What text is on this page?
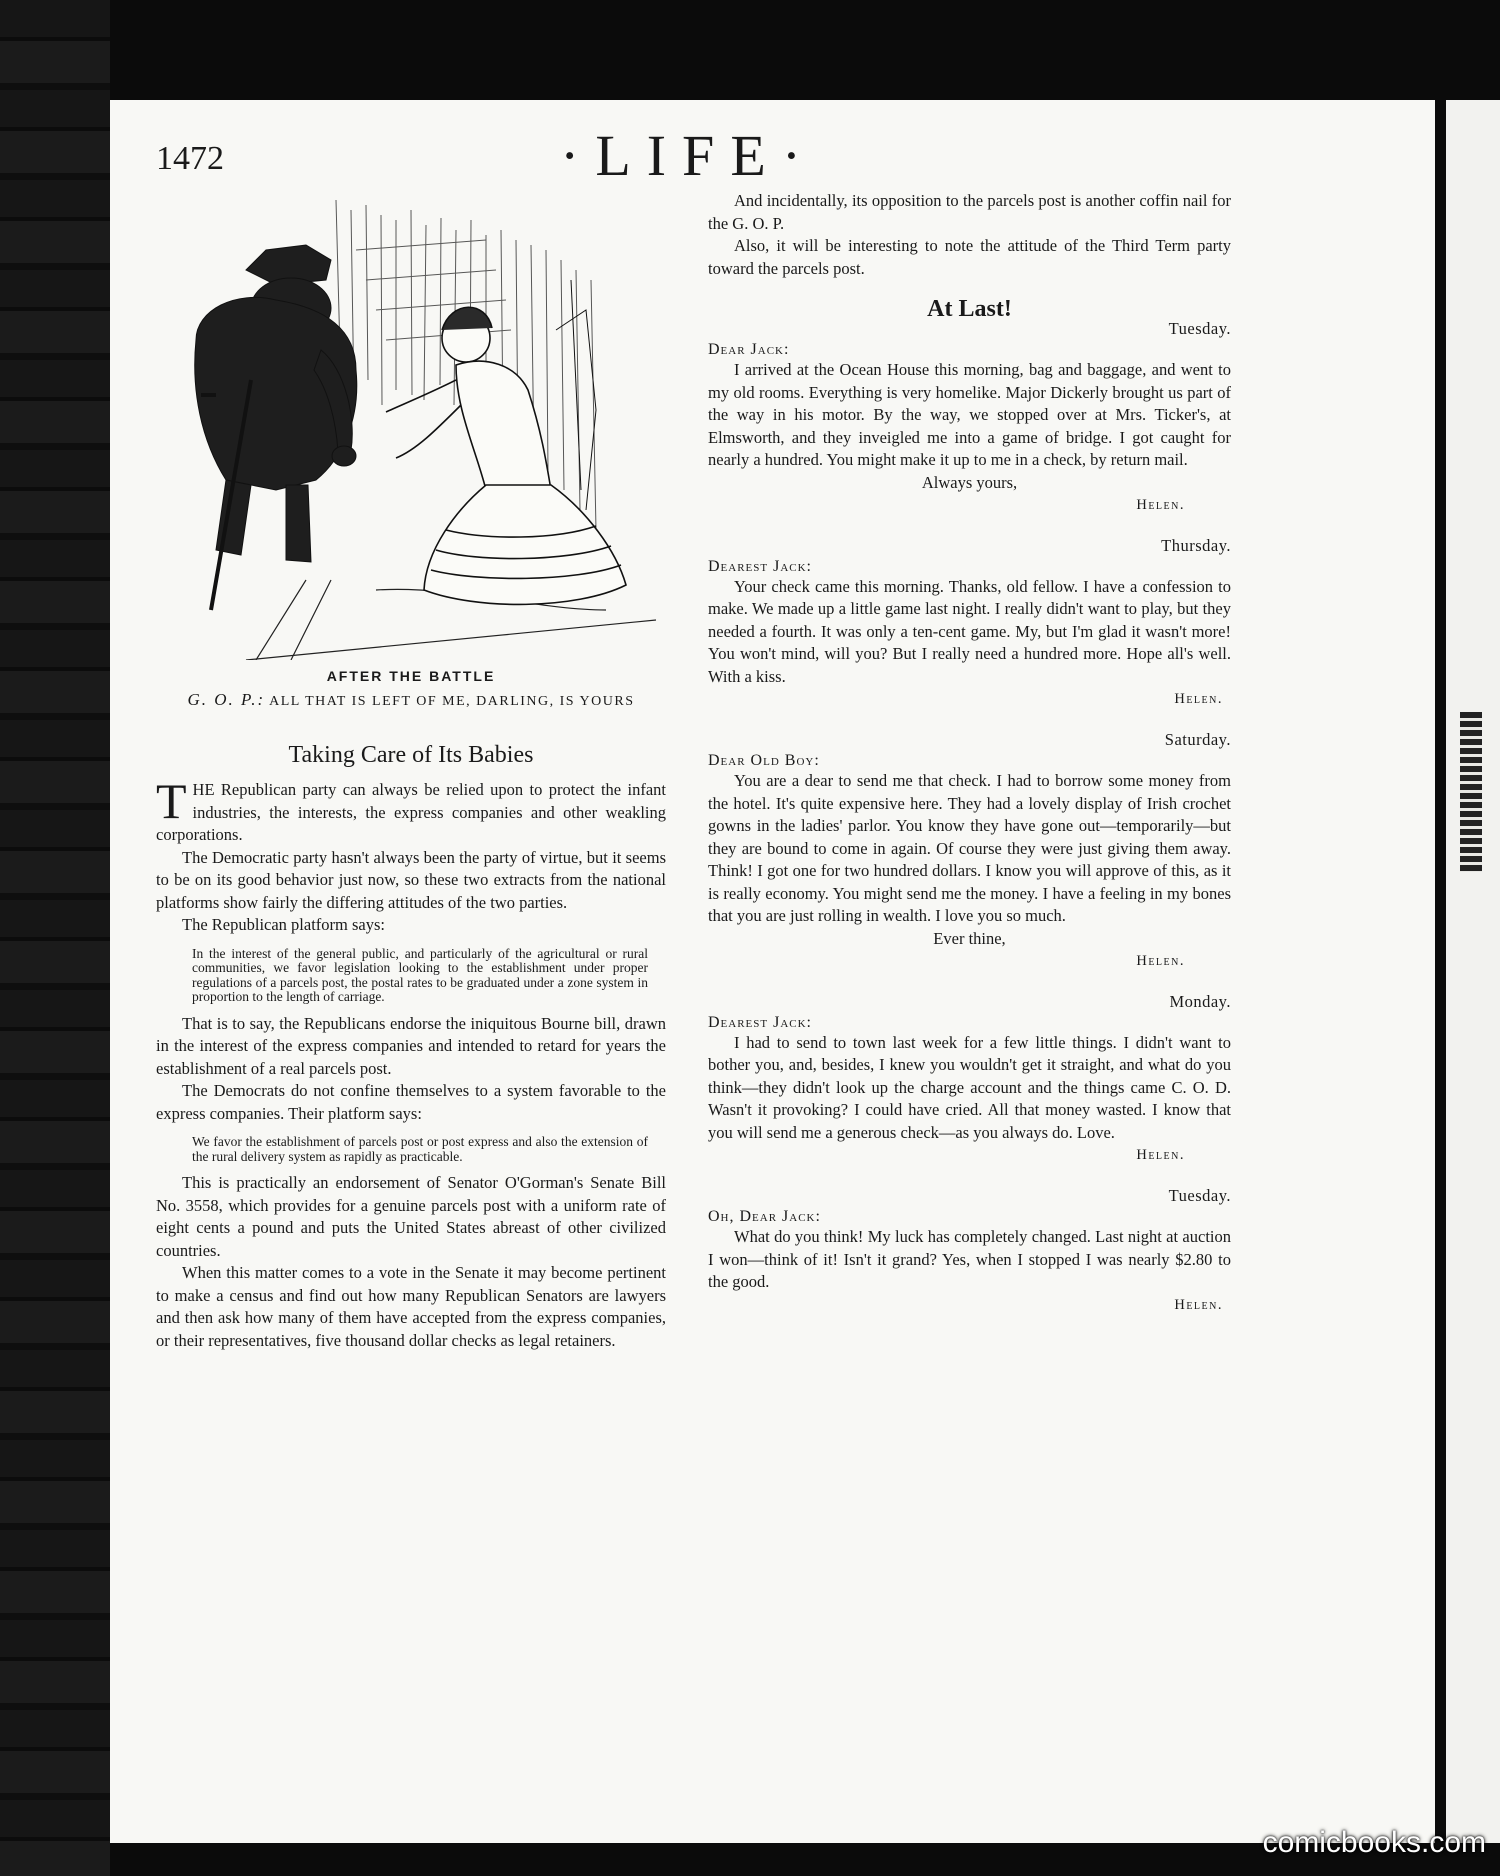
1472	·LIFE·
AFTER THE BATTLE
G. O. P.: ALL THAT IS LEFT OF ME, DARLING, IS YOURS
Taking Care of Its Babies

THE Republican party can always be relied upon to protect the infant industries, the interests, the express companies and other weakling corporations.

The Democratic party hasn't always been the party of virtue, but it seems to be on its good behavior just now, so these two extracts from the national platforms show fairly the differing attitudes of the two parties.

The Republican platform says:

In the interest of the general public, and particularly of the agricultural or rural communities, we favor legislation looking to the establishment under proper regulations of a parcels post, the postal rates to be graduated under a zone system in proportion to the length of carriage.

That is to say, the Republicans endorse the iniquitous Bourne bill, drawn in the interest of the express companies and intended to retard for years the establishment of a real parcels post.

The Democrats do not confine themselves to a system favorable to the express companies. Their platform says:

We favor the establishment of parcels post or post express and also the extension of the rural delivery system as rapidly as practicable.

This is practically an endorsement of Senator O'Gorman's Senate Bill No. 3558, which provides for a genuine parcels post with a uniform rate of eight cents a pound and puts the United States abreast of other civilized countries.

When this matter comes to a vote in the Senate it may become pertinent to make a census and find out how many Republican Senators are lawyers and then ask how many of them have accepted from the express companies, or their representatives, five thousand dollar checks as legal retainers.

And incidentally, its opposition to the parcels post is another coffin nail for the G. O. P.

Also, it will be interesting to note the attitude of the Third Term party toward the parcels post.

At Last!
Tuesday.
Dear Jack:

I arrived at the Ocean House this morning, bag and baggage, and went to my old rooms. Everything is very homelike. Major Dickerly brought us part of the way in his motor. By the way, we stopped over at Mrs. Ticker's, at Elmsworth, and they inveigled me into a game of bridge. I got caught for nearly a hundred. You might make it up to me in a check, by return mail.

Always yours,
Helen.
Thursday.
Dearest Jack:

Your check came this morning. Thanks, old fellow. I have a confession to make. We made up a little game last night. I really didn't want to play, but they needed a fourth. It was only a ten-cent game. My, but I'm glad it wasn't more! You won't mind, will you? But I really need a hundred more. Hope all's well. With a kiss.

Helen.
Saturday.
Dear Old Boy:

You are a dear to send me that check. I had to borrow some money from the hotel. It's quite expensive here. They had a lovely display of Irish crochet gowns in the ladies' parlor. You know they have gone out—temporarily—but they are bound to come in again. Of course they were just giving them away. Think! I got one for two hundred dollars. I know you will approve of this, as it is really economy. You might send me the money. I have a feeling in my bones that you are just rolling in wealth. I love you so much.

Ever thine,
Helen.
Monday.
Dearest Jack:

I had to send to town last week for a few little things. I didn't want to bother you, and, besides, I knew you wouldn't get it straight, and what do you think—they didn't look up the charge account and the things came C. O. D. Wasn't it provoking? I could have cried. All that money wasted. I know that you will send me a generous check—as you always do. Love.

Helen.
Tuesday.
Oh, Dear Jack:

What do you think! My luck has completely changed. Last night at auction I won—think of it! Isn't it grand? Yes, when I stopped I was nearly $2.80 to the good.

Helen.
comicbooks.com
